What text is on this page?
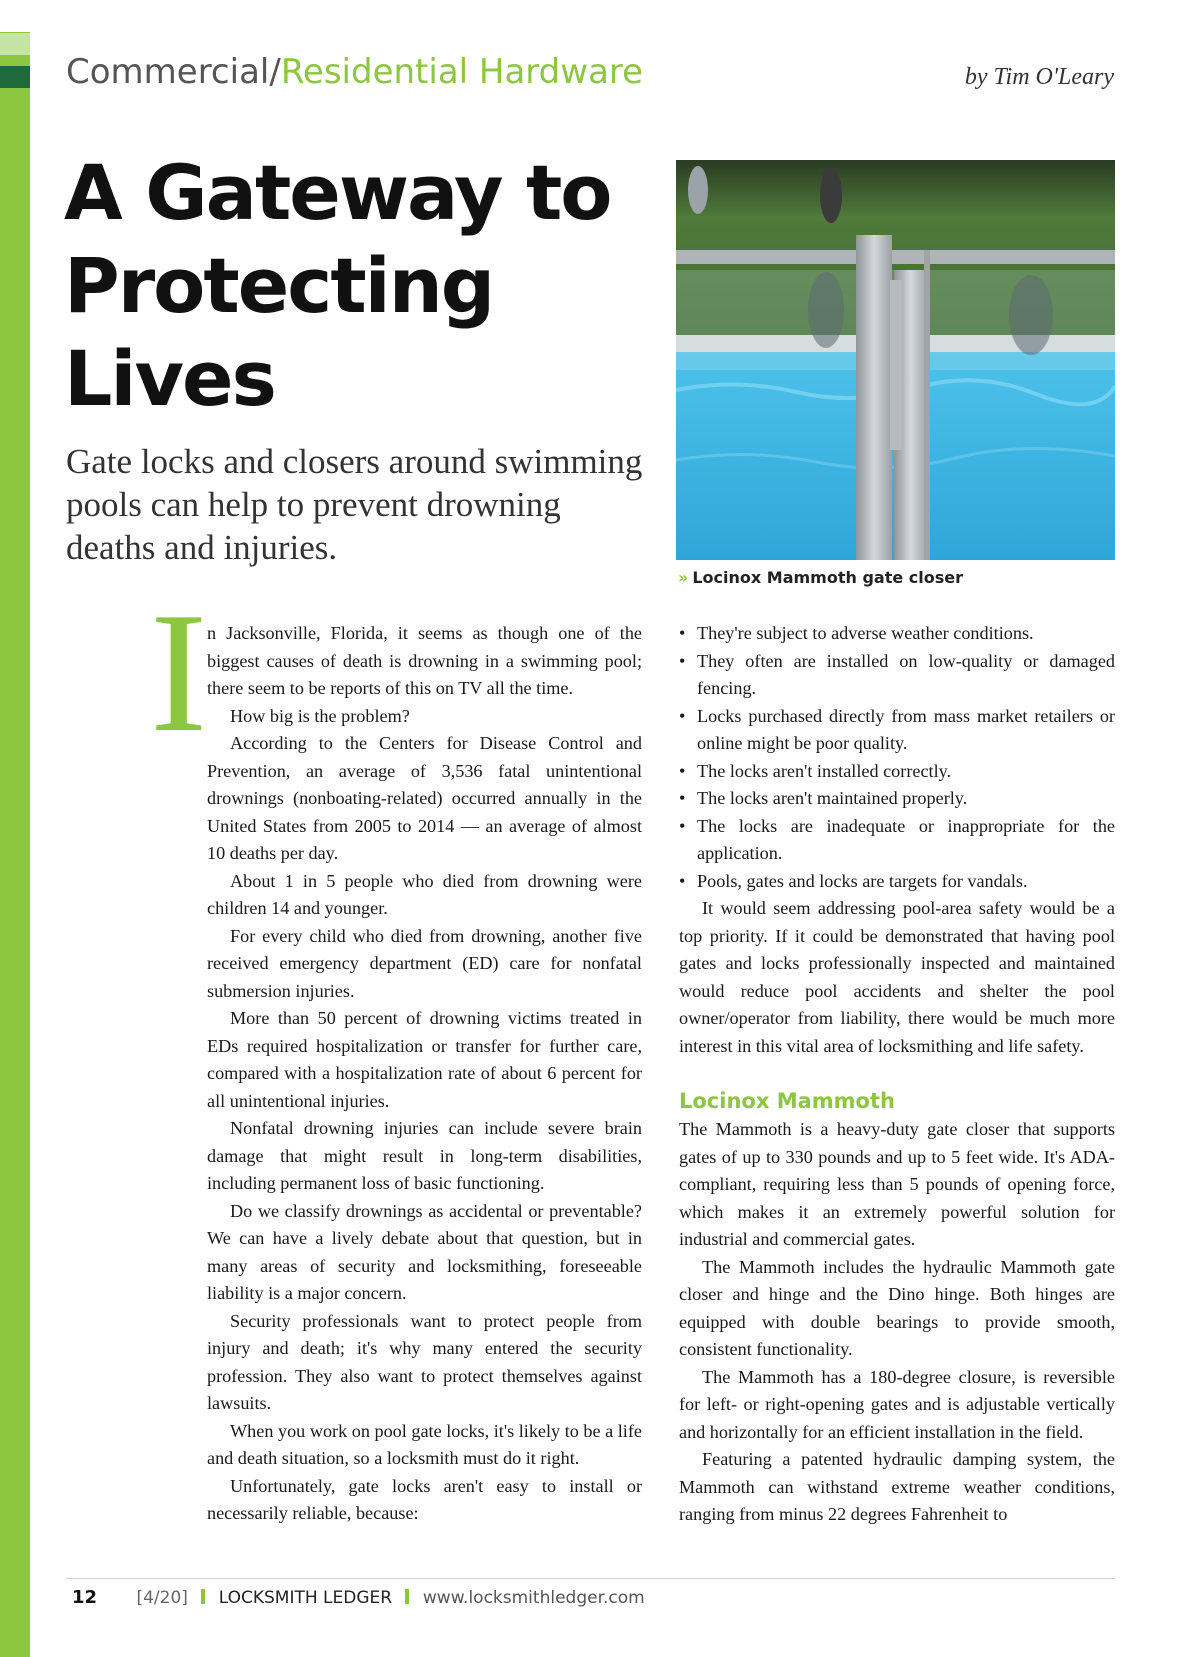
Commercial/Residential Hardware	by Tim O'Leary
A Gateway to Protecting Lives
Gate locks and closers around swimming pools can help to prevent drowning deaths and injuries.
» Locinox Mammoth gate closer
I n Jacksonville, Florida, it seems as though one of the biggest causes of death is drowning in a swimming pool; there seem to be reports of this on TV all the time.

How big is the problem?

According to the Centers for Disease Control and Prevention, an average of 3,536 fatal unintentional drownings (nonboating-related) occurred annually in the United States from 2005 to 2014 — an average of almost 10 deaths per day.

About 1 in 5 people who died from drowning were children 14 and younger.

For every child who died from drowning, another five received emergency department (ED) care for nonfatal submersion injuries.

More than 50 percent of drowning victims treated in EDs required hospitalization or transfer for further care, compared with a hospitalization rate of about 6 percent for all unintentional injuries.

Nonfatal drowning injuries can include severe brain damage that might result in long-term disabilities, including permanent loss of basic functioning.

Do we classify drownings as accidental or preventable? We can have a lively debate about that question, but in many areas of security and locksmithing, foreseeable liability is a major concern.

Security professionals want to protect people from injury and death; it's why many entered the security profession. They also want to protect themselves against lawsuits.

When you work on pool gate locks, it's likely to be a life and death situation, so a locksmith must do it right.

Unfortunately, gate locks aren't easy to install or necessarily reliable, because:

• They're subject to adverse weather conditions.
• They often are installed on low-quality or damaged fencing.
• Locks purchased directly from mass market retailers or online might be poor quality.
• The locks aren't installed correctly.
• The locks aren't maintained properly.
• The locks are inadequate or inappropriate for the application.
• Pools, gates and locks are targets for vandals.

It would seem addressing pool-area safety would be a top priority. If it could be demonstrated that having pool gates and locks professionally inspected and maintained would reduce pool accidents and shelter the pool owner/operator from liability, there would be much more interest in this vital area of locksmithing and life safety.

Locinox Mammoth

The Mammoth is a heavy-duty gate closer that supports gates of up to 330 pounds and up to 5 feet wide. It's ADA-compliant, requiring less than 5 pounds of opening force, which makes it an extremely powerful solution for industrial and commercial gates.

The Mammoth includes the hydraulic Mammoth gate closer and hinge and the Dino hinge. Both hinges are equipped with double bearings to provide smooth, consistent functionality.

The Mammoth has a 180-degree closure, is reversible for left- or right-opening gates and is adjustable vertically and horizontally for an efficient installation in the field.

Featuring a patented hydraulic damping system, the Mammoth can withstand extreme weather conditions, ranging from minus 22 degrees Fahrenheit to

12 [4/20] LOCKSMITH LEDGER www.locksmithledger.com
